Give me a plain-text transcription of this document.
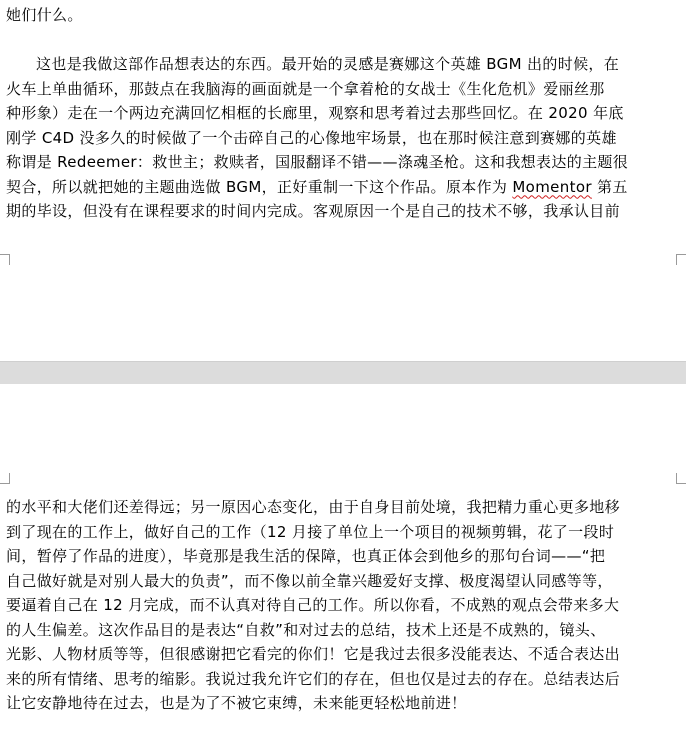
她们什么。
这也是我做这部作品想表达的东西。最开始的灵感是赛娜这个英雄 BGM 出的时候，在
火车上单曲循环，那鼓点在我脑海的画面就是一个拿着枪的女战士《生化危机》爱丽丝那
种形象）走在一个两边充满回忆相框的长廊里，观察和思考着过去那些回忆。在 2020 年底
刚学 C4D 没多久的时候做了一个击碎自己的心像地牢场景，也在那时候注意到赛娜的英雄
称谓是 Redeemer：救世主；救赎者，国服翻译不错——涤魂圣枪。这和我想表达的主题很
契合，所以就把她的主题曲选做 BGM，正好重制一下这个作品。原本作为 Momentor 第五
期的毕设，但没有在课程要求的时间内完成。客观原因一个是自己的技术不够，我承认目前
的水平和大佬们还差得远；另一原因心态变化，由于自身目前处境，我把精力重心更多地移
到了现在的工作上，做好自己的工作（12 月接了单位上一个项目的视频剪辑，花了一段时
间，暂停了作品的进度），毕竟那是我生活的保障，也真正体会到他乡的那句台词——“把
自己做好就是对别人最大的负责”，而不像以前全靠兴趣爱好支撑、极度渴望认同感等等，
要逼着自己在 12 月完成，而不认真对待自己的工作。所以你看，不成熟的观点会带来多大
的人生偏差。这次作品目的是表达“自救”和对过去的总结，技术上还是不成熟的，镜头、
光影、人物材质等等，但很感谢把它看完的你们！它是我过去很多没能表达、不适合表达出
来的所有情绪、思考的缩影。我说过我允许它们的存在，但也仅是过去的存在。总结表达后
让它安静地待在过去，也是为了不被它束缚，未来能更轻松地前进！
